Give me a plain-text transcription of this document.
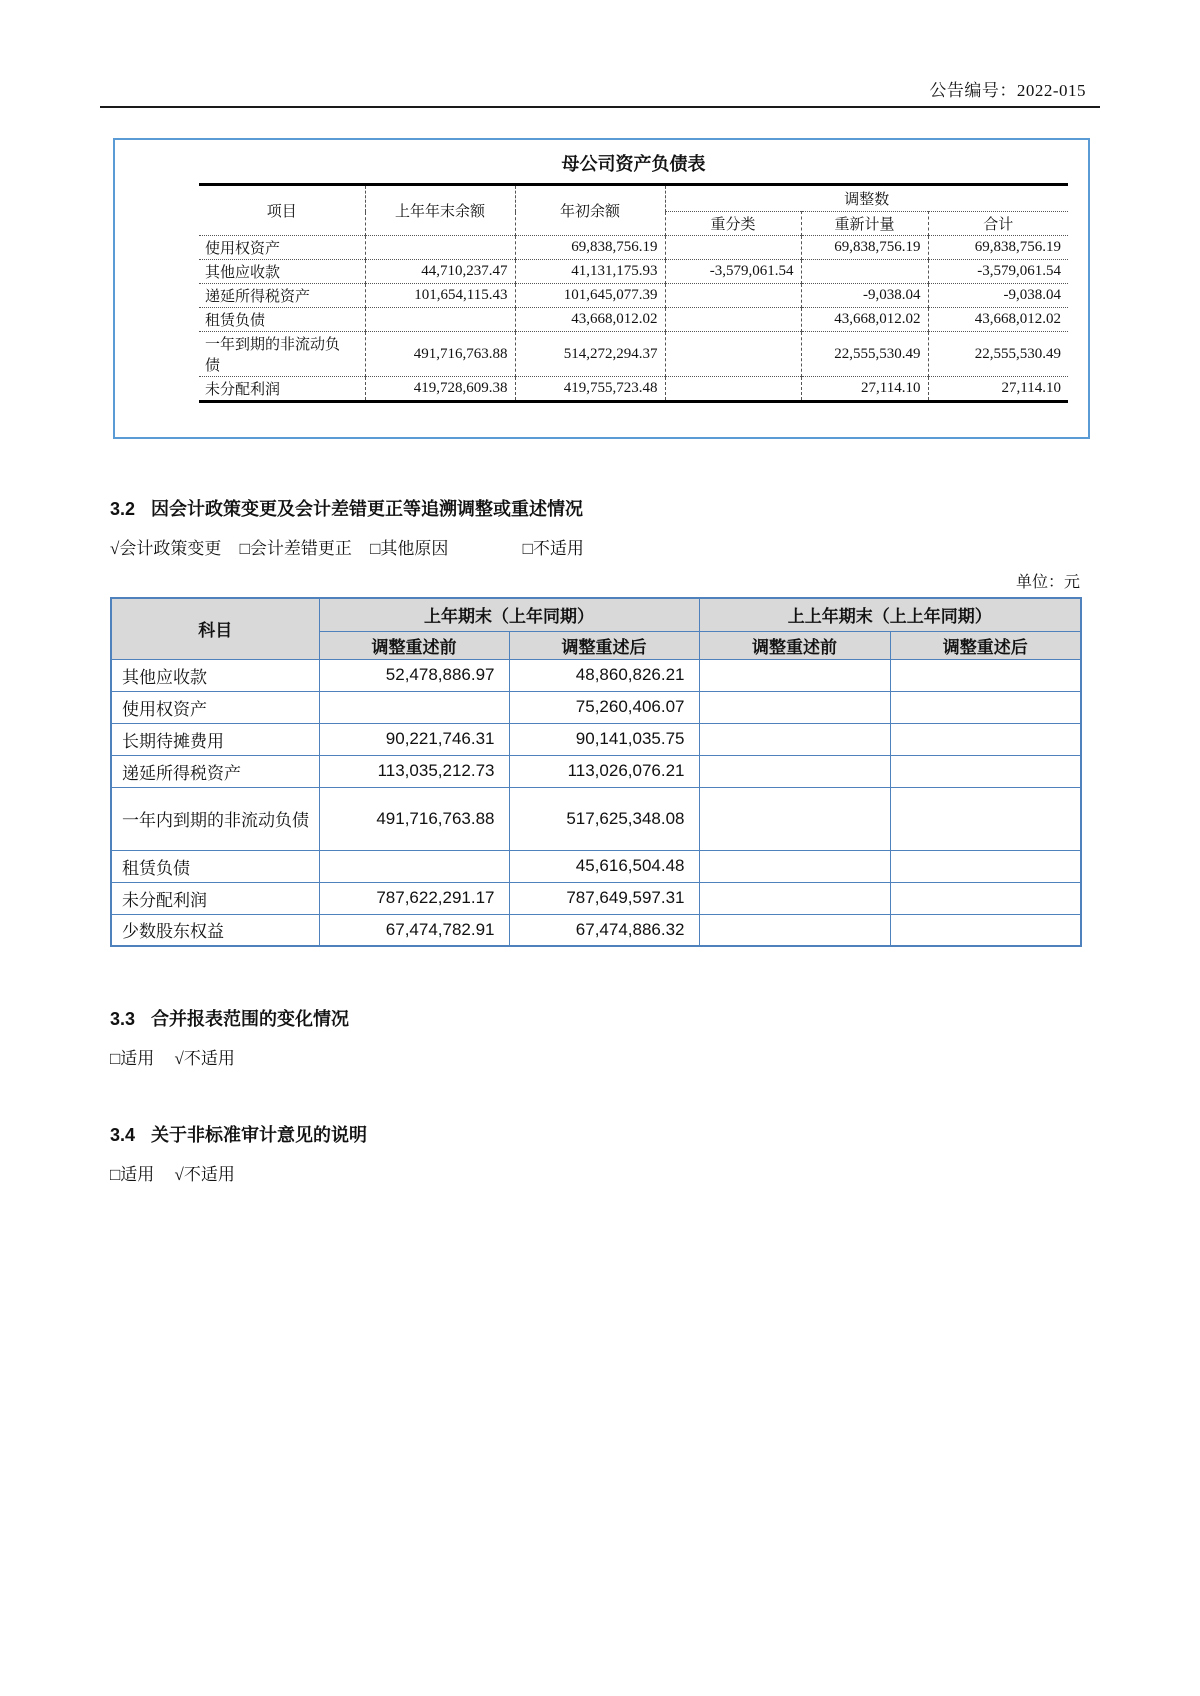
公告编号：2022-015
母公司资产负债表
项目	上年年末余额	年初余额	调整数		
			重分类	重新计量	合计
使用权资产		69,838,756.19		69,838,756.19	69,838,756.19
其他应收款	44,710,237.47	41,131,175.93	-3,579,061.54		-3,579,061.54
递延所得税资产	101,654,115.43	101,645,077.39		-9,038.04	-9,038.04
租赁负债		43,668,012.02		43,668,012.02	43,668,012.02
一年到期的非流动负债	491,716,763.88	514,272,294.37		22,555,530.49	22,555,530.49
未分配利润	419,728,609.38	419,755,723.48		27,114.10	27,114.10
3.2 因会计政策变更及会计差错更正等追溯调整或重述情况
√会计政策变更 □会计差错更正 □其他原因	□不适用
单位：元
科目	上年期末（上年同期）		上上年期末（上上年同期）	
	调整重述前	调整重述后	调整重述前	调整重述后
其他应收款	52,478,886.97	48,860,826.21		
使用权资产		75,260,406.07		
长期待摊费用	90,221,746.31	90,141,035.75		
递延所得税资产	113,035,212.73	113,026,076.21		
一年内到期的非流动负债	491,716,763.88	517,625,348.08		
租赁负债		45,616,504.48		
未分配利润	787,622,291.17	787,649,597.31		
少数股东权益	67,474,782.91	67,474,886.32		
3.3 合并报表范围的变化情况
□适用 √不适用
3.4 关于非标准审计意见的说明
□适用 √不适用
